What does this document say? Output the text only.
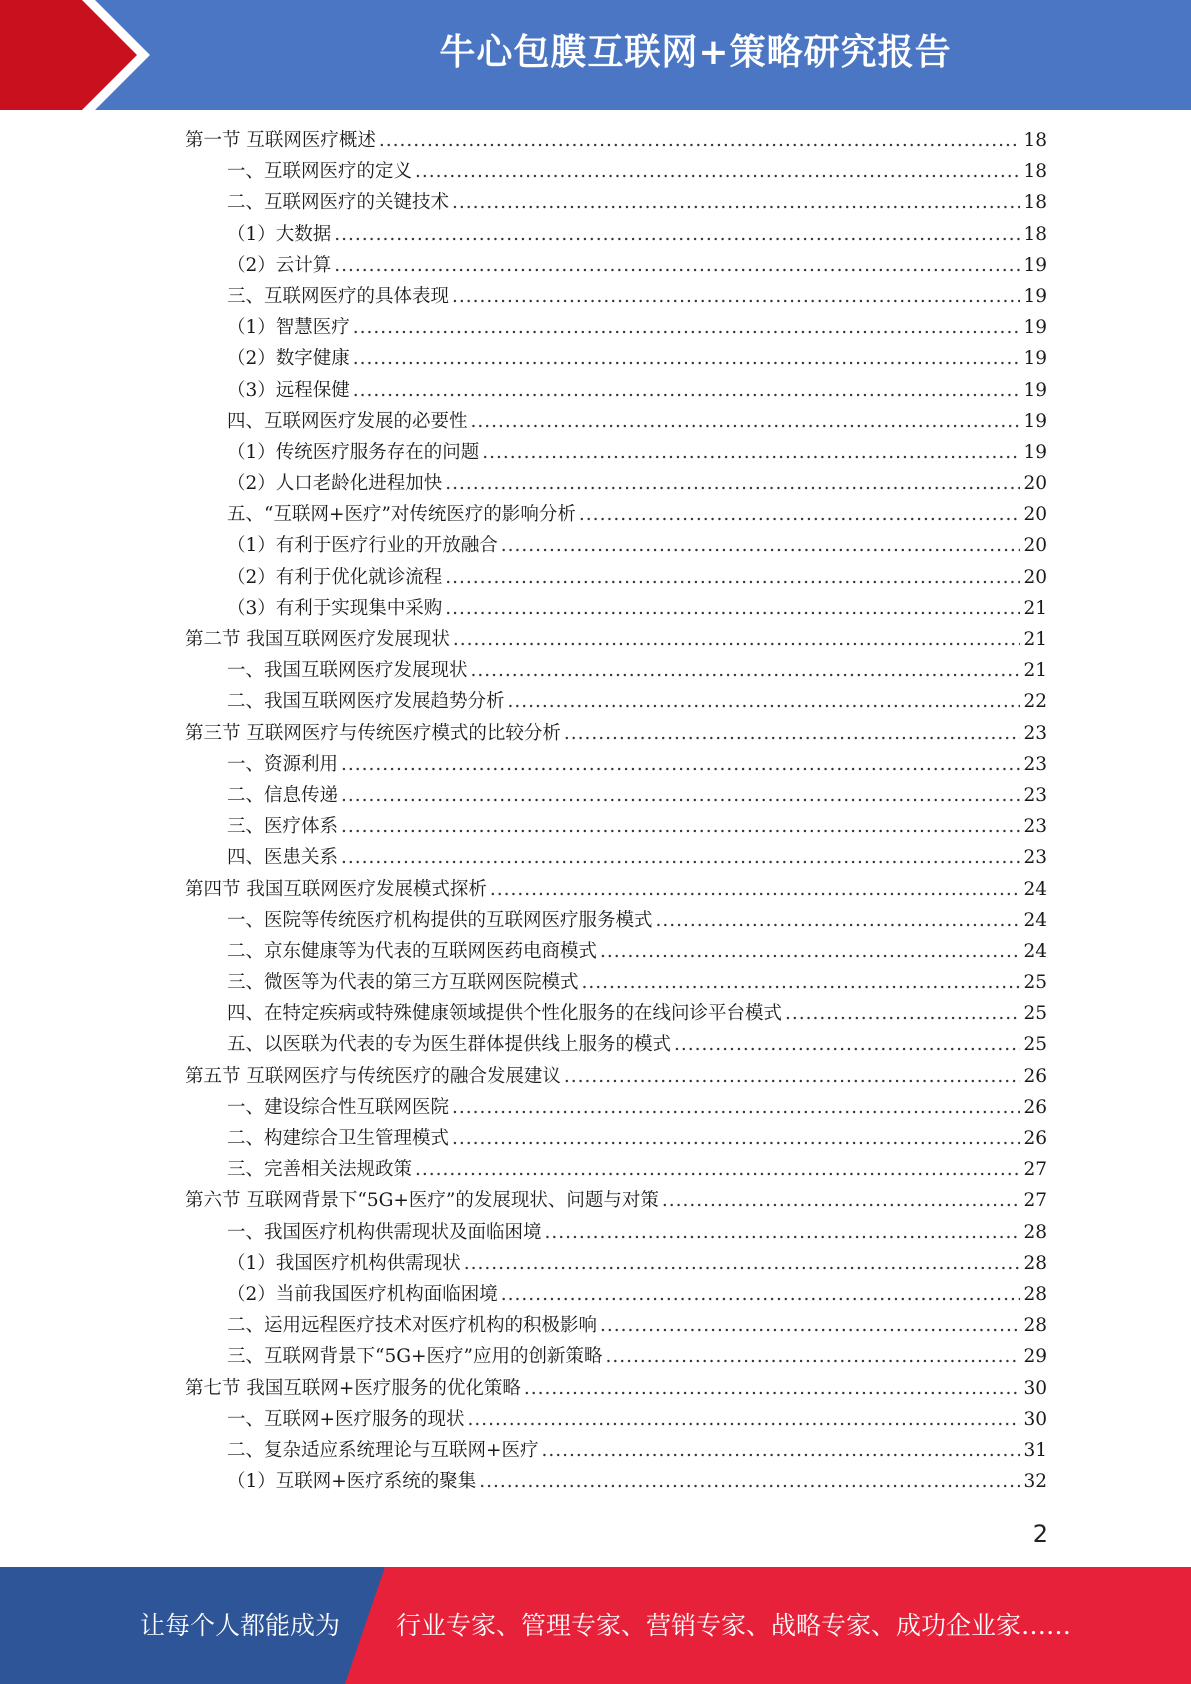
牛心包膜互联网+策略研究报告
第一节 互联网医疗概述 .....	18
一、互联网医疗的定义 .....	18
二、互联网医疗的关键技术 .....	18
（1）大数据 .....	18
（2）云计算 .....	19
三、互联网医疗的具体表现 .....	19
（1）智慧医疗 .....	19
（2）数字健康 .....	19
（3）远程保健 .....	19
四、互联网医疗发展的必要性 .....	19
（1）传统医疗服务存在的问题 .....	19
（2）人口老龄化进程加快 .....	20
五、“互联网+医疗”对传统医疗的影响分析 .....	20
（1）有利于医疗行业的开放融合 .....	20
（2）有利于优化就诊流程 .....	20
（3）有利于实现集中采购 .....	21
第二节 我国互联网医疗发展现状 .....	21
一、我国互联网医疗发展现状 .....	21
二、我国互联网医疗发展趋势分析 .....	22
第三节 互联网医疗与传统医疗模式的比较分析 .....	23
一、资源利用 .....	23
二、信息传递 .....	23
三、医疗体系 .....	23
四、医患关系 .....	23
第四节 我国互联网医疗发展模式探析 .....	24
一、医院等传统医疗机构提供的互联网医疗服务模式 .....	24
二、京东健康等为代表的互联网医药电商模式 .....	24
三、微医等为代表的第三方互联网医院模式 .....	25
四、在特定疾病或特殊健康领域提供个性化服务的在线问诊平台模式 .....	25
五、以医联为代表的专为医生群体提供线上服务的模式 .....	25
第五节 互联网医疗与传统医疗的融合发展建议 .....	26
一、建设综合性互联网医院 .....	26
二、构建综合卫生管理模式 .....	26
三、完善相关法规政策 .....	27
第六节 互联网背景下“5G+医疗”的发展现状、问题与对策 .....	27
一、我国医疗机构供需现状及面临困境 .....	28
（1）我国医疗机构供需现状 .....	28
（2）当前我国医疗机构面临困境 .....	28
二、运用远程医疗技术对医疗机构的积极影响 .....	28
三、互联网背景下“5G+医疗”应用的创新策略 .....	29
第七节 我国互联网+医疗服务的优化策略 .....	30
一、互联网+医疗服务的现状 .....	30
二、复杂适应系统理论与互联网+医疗 .....	31
（1）互联网+医疗系统的聚集 .....	32
2
让每个人都能成为 行业专家、管理专家、营销专家、战略专家、成功企业家……
